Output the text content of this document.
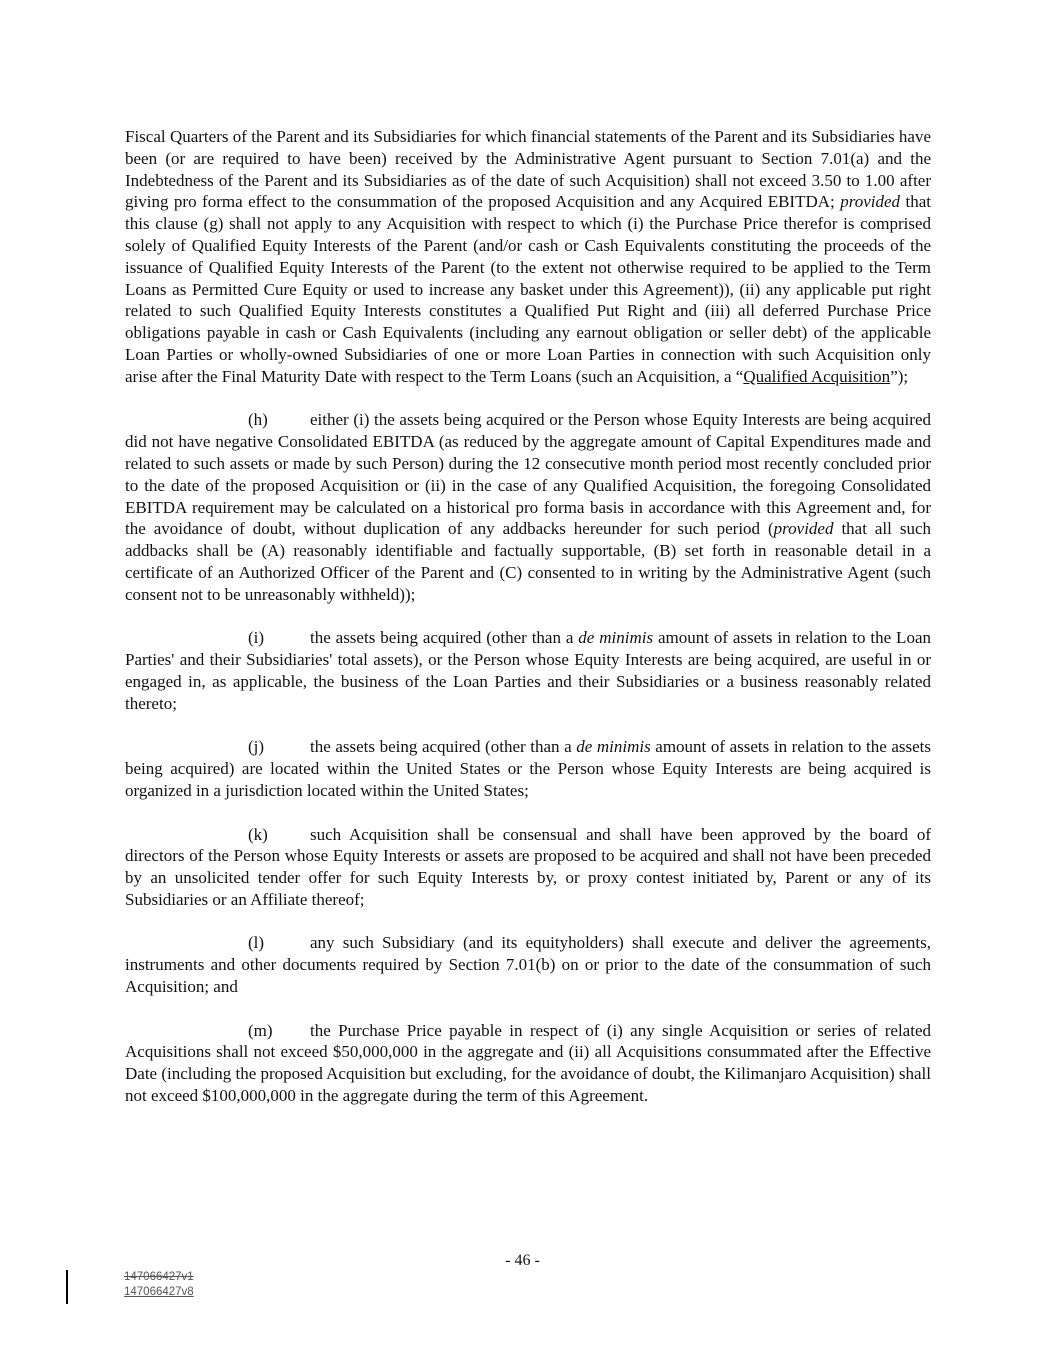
Fiscal Quarters of the Parent and its Subsidiaries for which financial statements of the Parent and its Subsidiaries have been (or are required to have been) received by the Administrative Agent pursuant to Section 7.01(a) and the Indebtedness of the Parent and its Subsidiaries as of the date of such Acquisition) shall not exceed 3.50 to 1.00 after giving pro forma effect to the consummation of the proposed Acquisition and any Acquired EBITDA; provided that this clause (g) shall not apply to any Acquisition with respect to which (i) the Purchase Price therefor is comprised solely of Qualified Equity Interests of the Parent (and/or cash or Cash Equivalents constituting the proceeds of the issuance of Qualified Equity Interests of the Parent (to the extent not otherwise required to be applied to the Term Loans as Permitted Cure Equity or used to increase any basket under this Agreement)), (ii) any applicable put right related to such Qualified Equity Interests constitutes a Qualified Put Right and (iii) all deferred Purchase Price obligations payable in cash or Cash Equivalents (including any earnout obligation or seller debt) of the applicable Loan Parties or wholly-owned Subsidiaries of one or more Loan Parties in connection with such Acquisition only arise after the Final Maturity Date with respect to the Term Loans (such an Acquisition, a “Qualified Acquisition”);

(h) either (i) the assets being acquired or the Person whose Equity Interests are being acquired did not have negative Consolidated EBITDA (as reduced by the aggregate amount of Capital Expenditures made and related to such assets or made by such Person) during the 12 consecutive month period most recently concluded prior to the date of the proposed Acquisition or (ii) in the case of any Qualified Acquisition, the foregoing Consolidated EBITDA requirement may be calculated on a historical pro forma basis in accordance with this Agreement and, for the avoidance of doubt, without duplication of any addbacks hereunder for such period (provided that all such addbacks shall be (A) reasonably identifiable and factually supportable, (B) set forth in reasonable detail in a certificate of an Authorized Officer of the Parent and (C) consented to in writing by the Administrative Agent (such consent not to be unreasonably withheld));

(i)	the assets being acquired (other than a de minimis amount of assets in relation to the Loan Parties' and their Subsidiaries' total assets), or the Person whose Equity Interests are being acquired, are useful in or engaged in, as applicable, the business of the Loan Parties and their Subsidiaries or a business reasonably related thereto;

(j)	the assets being acquired (other than a de minimis amount of assets in relation to the assets being acquired) are located within the United States or the Person whose Equity Interests are being acquired is organized in a jurisdiction located within the United States;

(k) such Acquisition shall be consensual and shall have been approved by the board of directors of the Person whose Equity Interests or assets are proposed to be acquired and shall not have been preceded by an unsolicited tender offer for such Equity Interests by, or proxy contest initiated by, Parent or any of its Subsidiaries or an Affiliate thereof;

(l)	any such Subsidiary (and its equityholders) shall execute and deliver the agreements, instruments and other documents required by Section 7.01(b) on or prior to the date of the consummation of such Acquisition; and

(m) the Purchase Price payable in respect of (i) any single Acquisition or series of related Acquisitions shall not exceed $50,000,000 in the aggregate and (ii) all Acquisitions consummated after the Effective Date (including the proposed Acquisition but excluding, for the avoidance of doubt, the Kilimanjaro Acquisition) shall not exceed $100,000,000 in the aggregate during the term of this Agreement.

- 46 -
147066427v1
147066427v8
